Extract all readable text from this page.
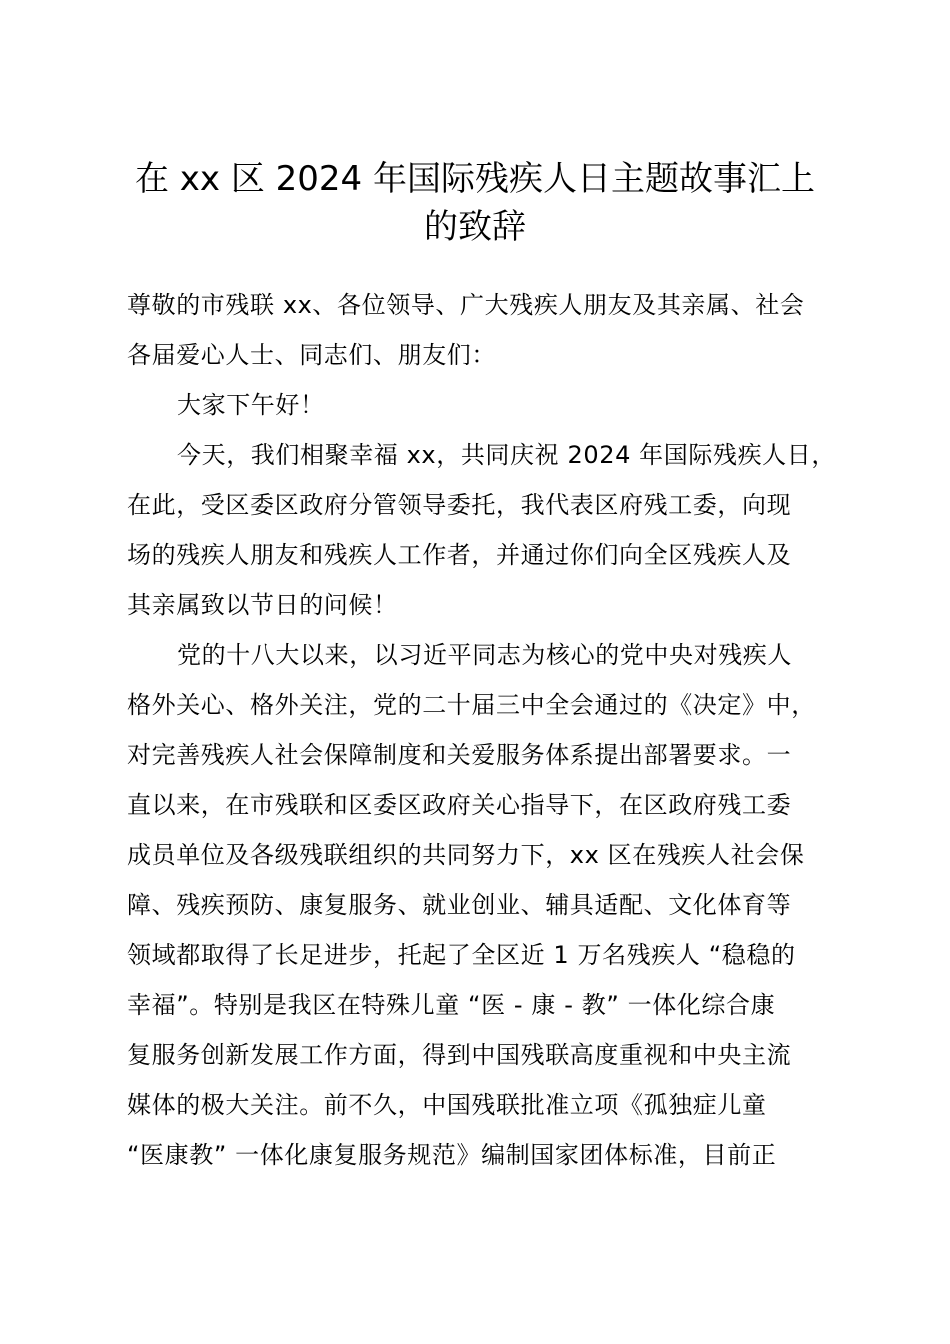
在 xx 区 2024 年国际残疾人日主题故事汇上
的致辞
尊敬的市残联 xx、各位领导、广大残疾人朋友及其亲属、社会
各届爱心人士、同志们、朋友们：
大家下午好！
今天，我们相聚幸福 xx，共同庆祝 2024 年国际残疾人日，
在此，受区委区政府分管领导委托，我代表区府残工委，向现
场的残疾人朋友和残疾人工作者，并通过你们向全区残疾人及
其亲属致以节日的问候！
党的十八大以来，以习近平同志为核心的党中央对残疾人
格外关心、格外关注，党的二十届三中全会通过的《决定》中，
对完善残疾人社会保障制度和关爱服务体系提出部署要求。一
直以来，在市残联和区委区政府关心指导下，在区政府残工委
成员单位及各级残联组织的共同努力下，xx 区在残疾人社会保
障、残疾预防、康复服务、就业创业、辅具适配、文化体育等
领域都取得了长足进步，托起了全区近 1 万名残疾人 “稳稳的
幸福”。特别是我区在特殊儿童 “医 - 康 - 教” 一体化综合康
复服务创新发展工作方面，得到中国残联高度重视和中央主流
媒体的极大关注。前不久，中国残联批准立项《孤独症儿童
“医康教” 一体化康复服务规范》编制国家团体标准，目前正
